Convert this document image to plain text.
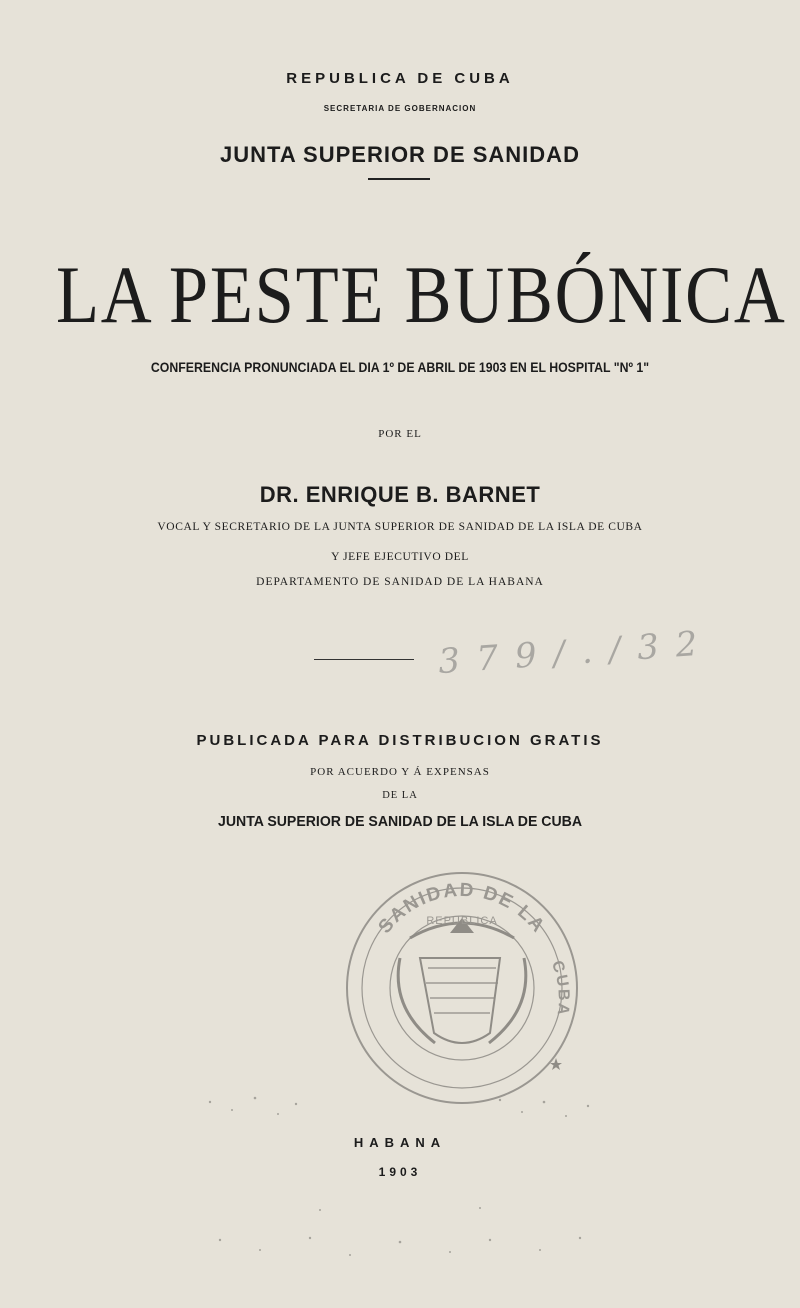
REPUBLICA DE CUBA
SECRETARIA DE GOBERNACION
JUNTA SUPERIOR DE SANIDAD
LA PESTE BUBÓNICA
CONFERENCIA PRONUNCIADA EL DIA 1º DE ABRIL DE 1903 EN EL HOSPITAL "Nº 1"
POR EL
DR. ENRIQUE B. BARNET
VOCAL Y SECRETARIO DE LA JUNTA SUPERIOR DE SANIDAD DE LA ISLA DE CUBA
Y JEFE EJECUTIVO DEL
DEPARTAMENTO DE SANIDAD DE LA HABANA
3 7 9 / . / 3 2
PUBLICADA PARA DISTRIBUCION GRATIS
POR ACUERDO Y Á EXPENSAS
DE LA
JUNTA SUPERIOR DE SANIDAD DE LA ISLA DE CUBA
SANIDAD DE LA
REPUBLICA
CUBA
HABANA
1903
